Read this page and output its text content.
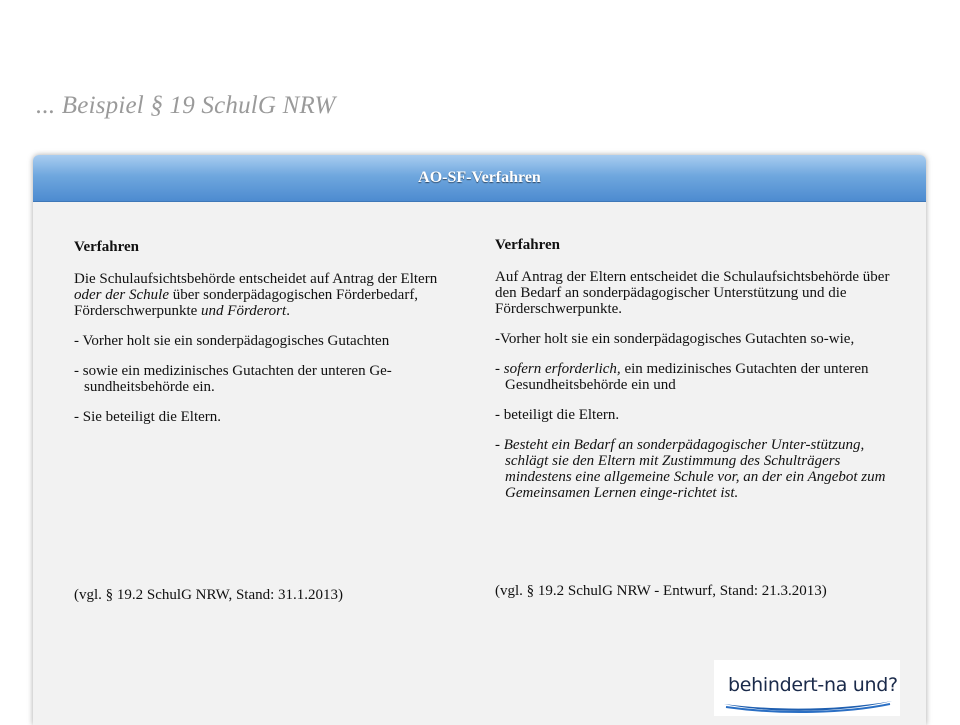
... Beispiel § 19 SchulG NRW
AO-SF-Verfahren

Verfahren

Die Schulaufsichtsbehörde entscheidet auf Antrag der Eltern oder der Schule über sonderpädagogischen Förderbedarf, Förderschwerpunkte und Förderort.

- Vorher holt sie ein sonderpädagogisches Gutachten

- sowie ein medizinisches Gutachten der unteren Ge-sundheitsbehörde ein.

- Sie beteiligt die Eltern.

(vgl. § 19.2 SchulG NRW, Stand: 31.1.2013)

Verfahren

Auf Antrag der Eltern entscheidet die Schulaufsichtsbehörde über den Bedarf an sonderpädagogischer Unterstützung und die Förderschwerpunkte.

-Vorher holt sie ein sonderpädagogisches Gutachten so-wie,

- sofern erforderlich, ein medizinisches Gutachten der unteren Gesundheitsbehörde ein und

- beteiligt die Eltern.

- Besteht ein Bedarf an sonderpädagogischer Unter-stützung, schlägt sie den Eltern mit Zustimmung des Schulträgers mindestens eine allgemeine Schule vor, an der ein Angebot zum Gemeinsamen Lernen einge-richtet ist.

(vgl. § 19.2 SchulG NRW - Entwurf, Stand: 21.3.2013)
behindert-na und?
